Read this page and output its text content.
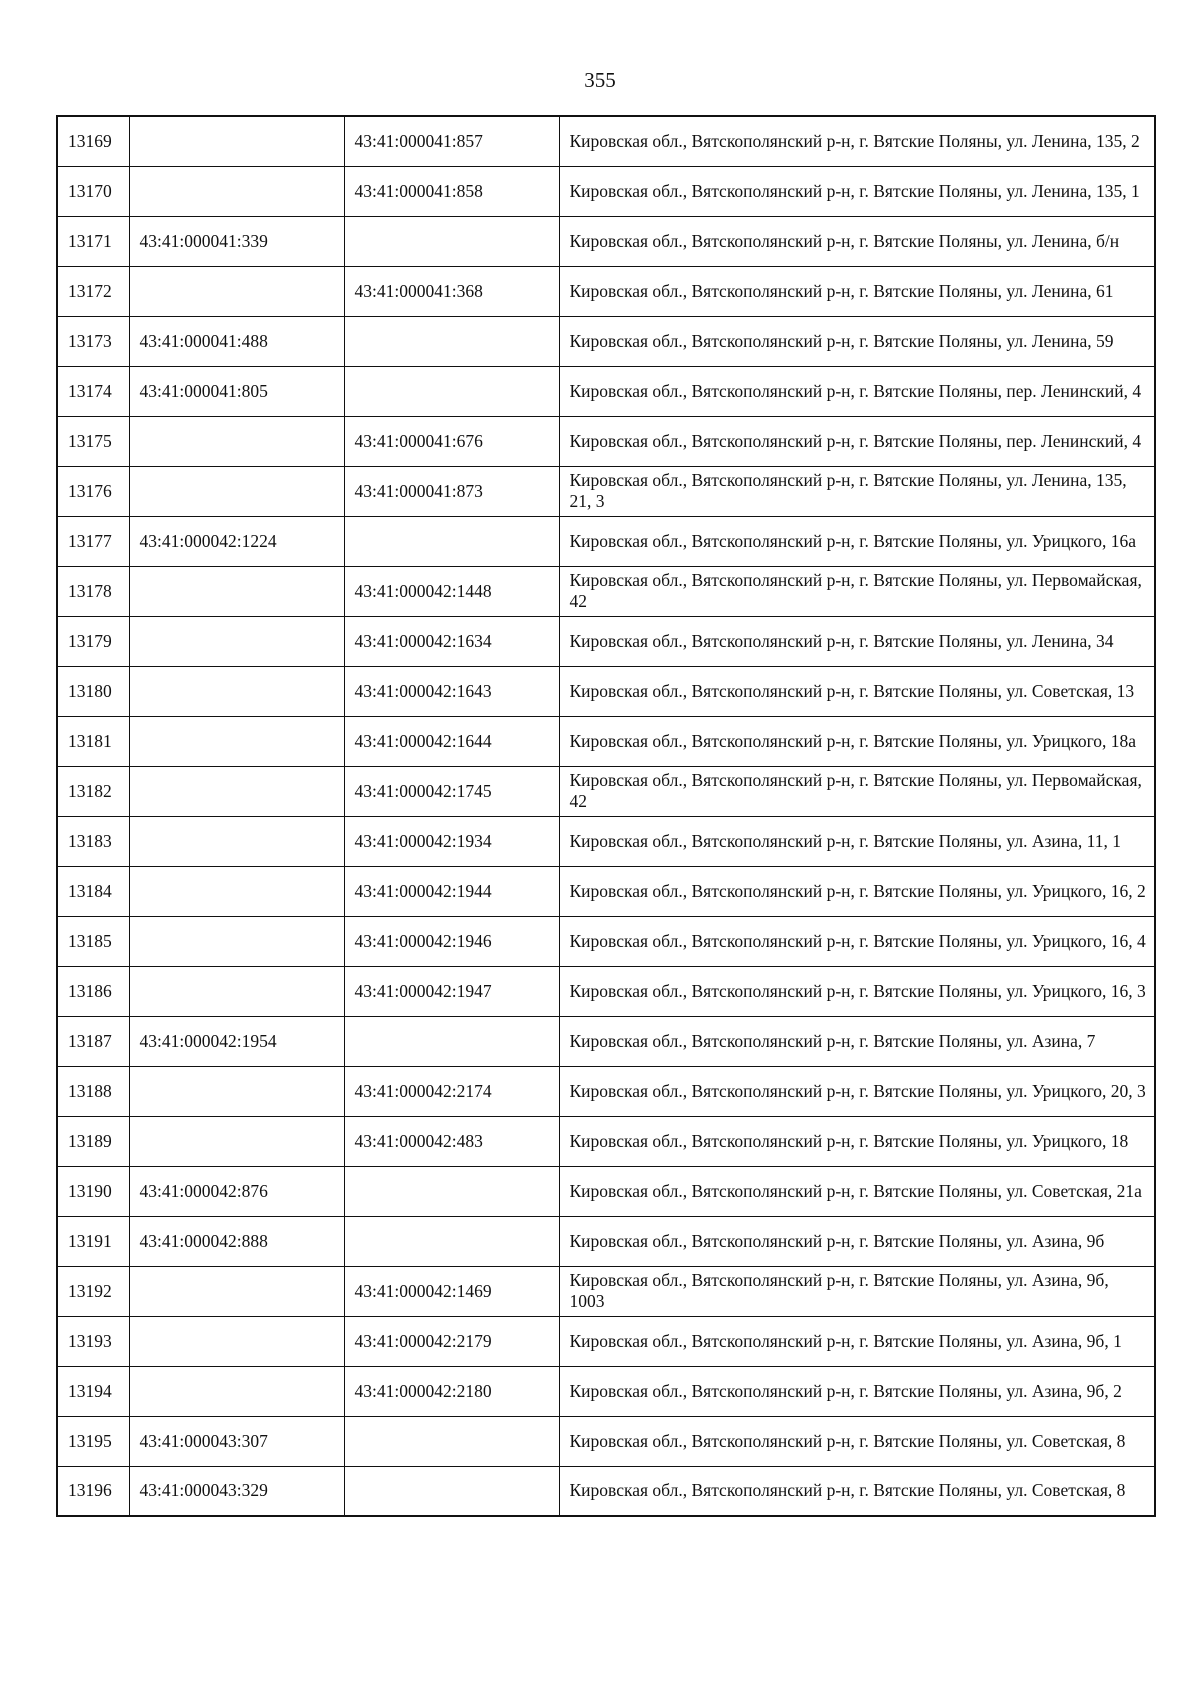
355
13169		43:41:000041:857	Кировская обл., Вятскополянский р-н, г. Вятские Поляны, ул. Ленина, 135, 2
13170		43:41:000041:858	Кировская обл., Вятскополянский р-н, г. Вятские Поляны, ул. Ленина, 135, 1
13171	43:41:000041:339		Кировская обл., Вятскополянский р-н, г. Вятские Поляны, ул. Ленина, б/н
13172		43:41:000041:368	Кировская обл., Вятскополянский р-н, г. Вятские Поляны, ул. Ленина, 61
13173	43:41:000041:488		Кировская обл., Вятскополянский р-н, г. Вятские Поляны, ул. Ленина, 59
13174	43:41:000041:805		Кировская обл., Вятскополянский р-н, г. Вятские Поляны, пер. Ленинский, 4
13175		43:41:000041:676	Кировская обл., Вятскополянский р-н, г. Вятские Поляны, пер. Ленинский, 4
13176		43:41:000041:873	Кировская обл., Вятскополянский р-н, г. Вятские Поляны, ул. Ленина, 135, 21, 3
13177	43:41:000042:1224		Кировская обл., Вятскополянский р-н, г. Вятские Поляны, ул. Урицкого, 16а
13178		43:41:000042:1448	Кировская обл., Вятскополянский р-н, г. Вятские Поляны, ул. Первомайская, 42
13179		43:41:000042:1634	Кировская обл., Вятскополянский р-н, г. Вятские Поляны, ул. Ленина, 34
13180		43:41:000042:1643	Кировская обл., Вятскополянский р-н, г. Вятские Поляны, ул. Советская, 13
13181		43:41:000042:1644	Кировская обл., Вятскополянский р-н, г. Вятские Поляны, ул. Урицкого, 18а
13182		43:41:000042:1745	Кировская обл., Вятскополянский р-н, г. Вятские Поляны, ул. Первомайская, 42
13183		43:41:000042:1934	Кировская обл., Вятскополянский р-н, г. Вятские Поляны, ул. Азина, 11, 1
13184		43:41:000042:1944	Кировская обл., Вятскополянский р-н, г. Вятские Поляны, ул. Урицкого, 16, 2
13185		43:41:000042:1946	Кировская обл., Вятскополянский р-н, г. Вятские Поляны, ул. Урицкого, 16, 4
13186		43:41:000042:1947	Кировская обл., Вятскополянский р-н, г. Вятские Поляны, ул. Урицкого, 16, 3
13187	43:41:000042:1954		Кировская обл., Вятскополянский р-н, г. Вятские Поляны, ул. Азина, 7
13188		43:41:000042:2174	Кировская обл., Вятскополянский р-н, г. Вятские Поляны, ул. Урицкого, 20, 3
13189		43:41:000042:483	Кировская обл., Вятскополянский р-н, г. Вятские Поляны, ул. Урицкого, 18
13190	43:41:000042:876		Кировская обл., Вятскополянский р-н, г. Вятские Поляны, ул. Советская, 21а
13191	43:41:000042:888		Кировская обл., Вятскополянский р-н, г. Вятские Поляны, ул. Азина, 9б
13192		43:41:000042:1469	Кировская обл., Вятскополянский р-н, г. Вятские Поляны, ул. Азина, 9б, 1003
13193		43:41:000042:2179	Кировская обл., Вятскополянский р-н, г. Вятские Поляны, ул. Азина, 9б, 1
13194		43:41:000042:2180	Кировская обл., Вятскополянский р-н, г. Вятские Поляны, ул. Азина, 9б, 2
13195	43:41:000043:307		Кировская обл., Вятскополянский р-н, г. Вятские Поляны, ул. Советская, 8
13196	43:41:000043:329		Кировская обл., Вятскополянский р-н, г. Вятские Поляны, ул. Советская, 8
